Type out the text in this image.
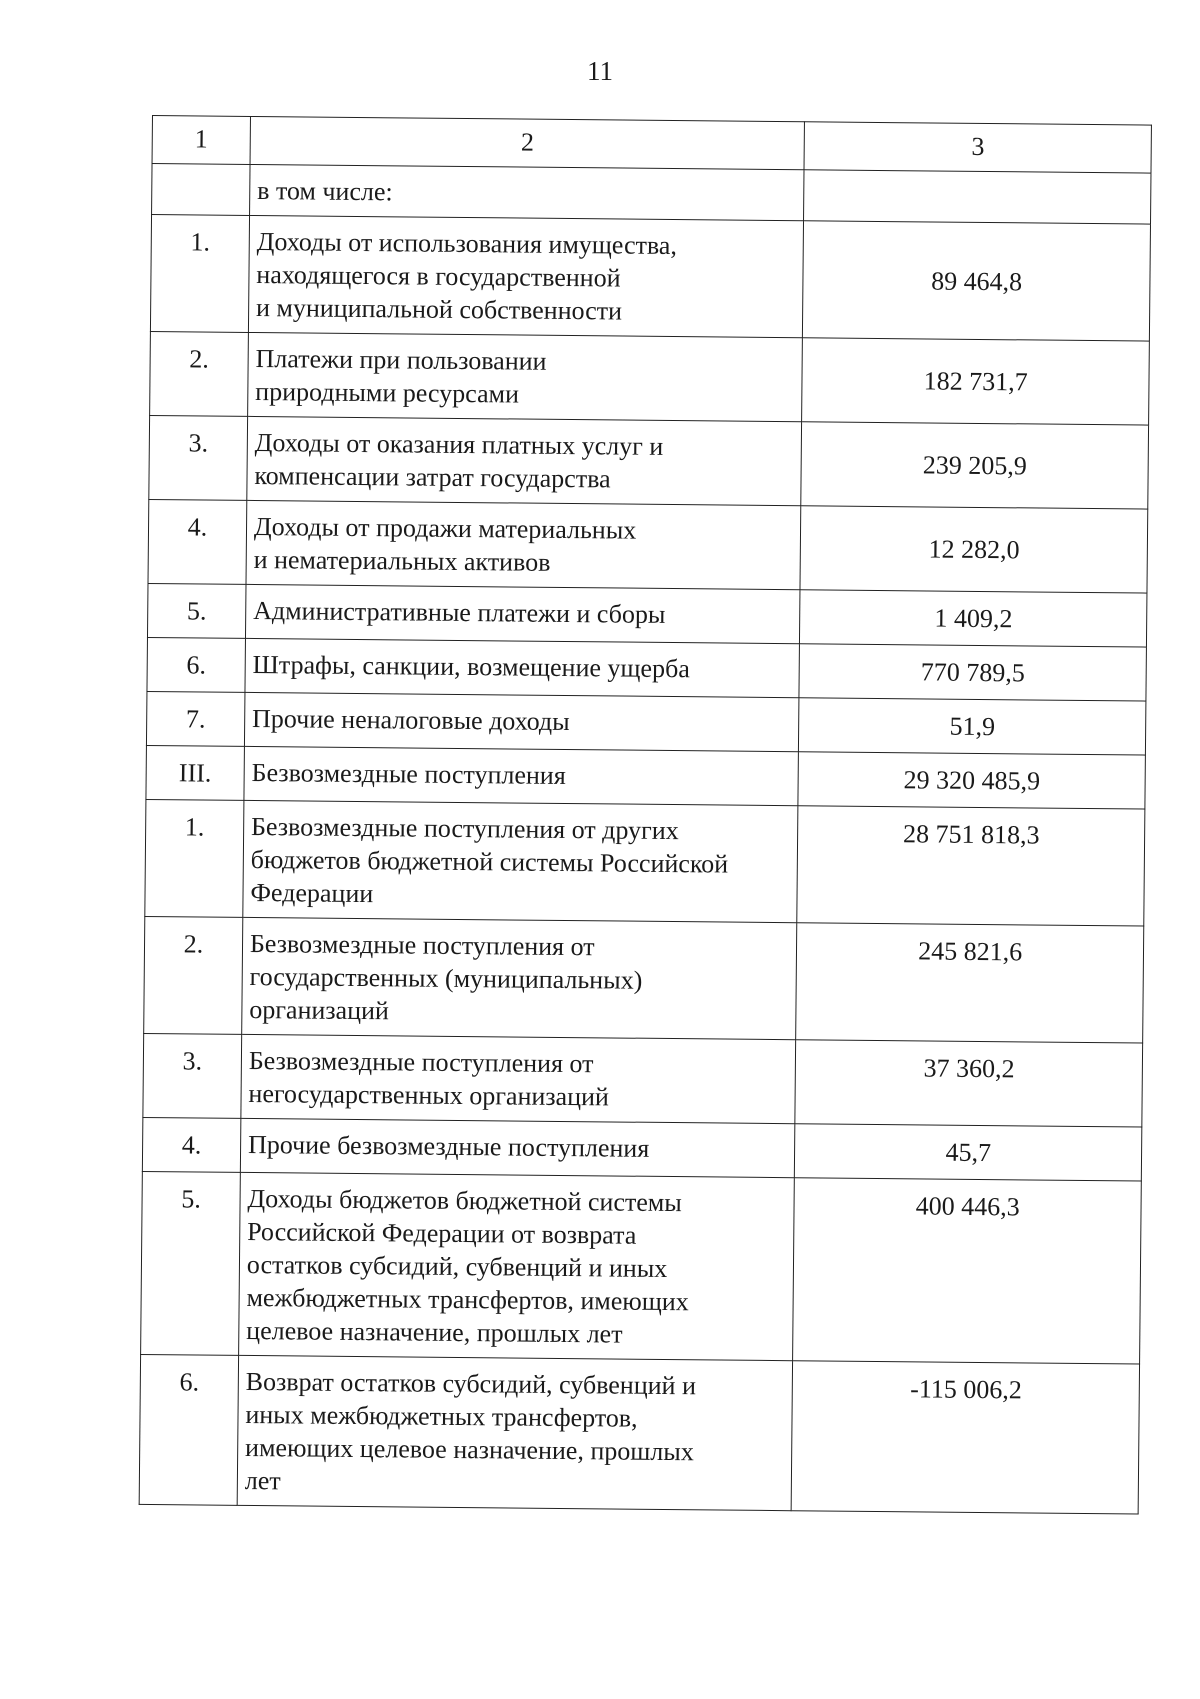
11
1	2	3
	в том числе:	
1.	Доходы от использования имущества,
находящегося в государственной
и муниципальной собственности	89 464,8
2.	Платежи при пользовании
природными ресурсами	182 731,7
3.	Доходы от оказания платных услуг и
компенсации затрат государства	239 205,9
4.	Доходы от продажи материальных
и нематериальных активов	12 282,0
5.	Административные платежи и сборы	1 409,2
6.	Штрафы, санкции, возмещение ущерба	770 789,5
7.	Прочие неналоговые доходы	51,9
III.	Безвозмездные поступления	29 320 485,9
1.	Безвозмездные поступления от других
бюджетов бюджетной системы Российской
Федерации	28 751 818,3
2.	Безвозмездные поступления от
государственных (муниципальных)
организаций	245 821,6
3.	Безвозмездные поступления от
негосударственных организаций	37 360,2
4.	Прочие безвозмездные поступления	45,7
5.	Доходы бюджетов бюджетной системы
Российской Федерации от возврата
остатков субсидий, субвенций и иных
межбюджетных трансфертов, имеющих
целевое назначение, прошлых лет	400 446,3
6.	Возврат остатков субсидий, субвенций и
иных межбюджетных трансфертов,
имеющих целевое назначение, прошлых
лет	-115 006,2
